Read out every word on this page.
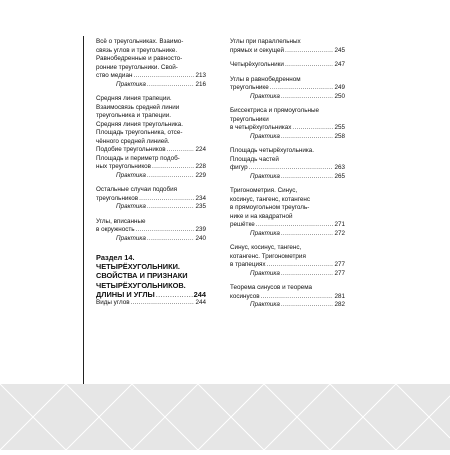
Всё о треугольниках. Взаимо-
связь углов и треугольнике.
Равнобедренные и равносто-
ронние треугольники. Свой-
ство медиан .....	213
Практика .....	216
Средняя линия трапеции.
Взаимосвязь средней линии
треугольника и трапеции.
Средняя линия треугольника.
Площадь треугольника, отсе-
чённого средней линией.
Подобие треугольников .....	224
Площадь и периметр подоб-
ных треугольников .....	228
Практика .....	229
Остальные случаи подобия
треугольников .....	234
Практика .....	235
Углы, вписанные
в окружность .....	239
Практика .....	240
Раздел 14.
ЧЕТЫРЁХУГОЛЬНИКИ.
СВОЙСТВА И ПРИЗНАКИ
ЧЕТЫРЁХУГОЛЬНИКОВ.
ДЛИНЫ И УГЛЫ .....	244
Виды углов .....	244
Углы при параллельных
прямых и секущей .....	245
Четырёхугольники .....	247
Углы в равнобедренном
треугольнике .....	249
Практика .....	250
Биссектриса и прямоугольные
треугольники
в четырёхугольниках .....	255
Практика .....	258
Площадь четырёхугольника.
Площадь частей
фигур .....	263
Практика .....	265
Тригонометрия. Синус,
косинус, тангенс, котангенс
в прямоугольном треуголь-
нике и на квадратной
решётке .....	271
Практика .....	272
Синус, косинус, тангенс,
котангенс. Тригонометрия
в трапециях .....	277
Практика .....	277
Теорема синусов и теорема
косинусов .....	281
Практика .....	282
